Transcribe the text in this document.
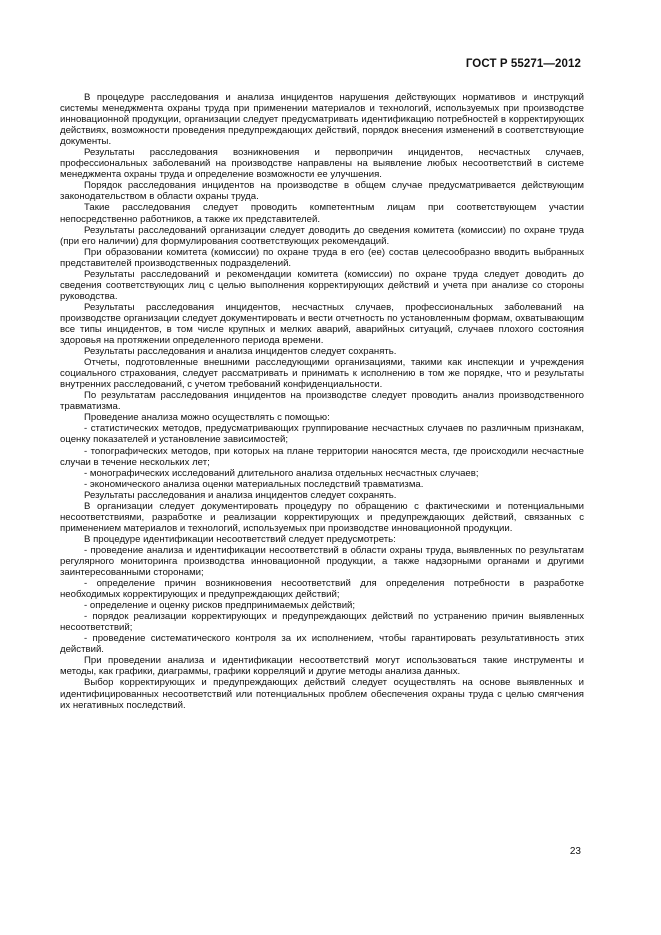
ГОСТ Р 55271—2012

В процедуре расследования и анализа инцидентов нарушения действующих нормативов и инструкций системы менеджмента охраны труда при применении материалов и технологий, используемых при производстве инновационной продукции, организации следует предусматривать идентификацию потребностей в корректирующих действиях, возможности проведения предупреждающих действий, порядок внесения изменений в соответствующие документы.

Результаты расследования возникновения и первопричин инцидентов, несчастных случаев, профессиональных заболеваний на производстве направлены на выявление любых несоответствий в системе менеджмента охраны труда и определение возможности ее улучшения.

Порядок расследования инцидентов на производстве в общем случае предусматривается действующим законодательством в области охраны труда.

Такие расследования следует проводить компетентным лицам при соответствующем участии непосредственно работников, а также их представителей.

Результаты расследований организации следует доводить до сведения комитета (комиссии) по охране труда (при его наличии) для формулирования соответствующих рекомендаций.

При образовании комитета (комиссии) по охране труда в его (ее) состав целесообразно вводить выбранных представителей производственных подразделений.

Результаты расследований и рекомендации комитета (комиссии) по охране труда следует доводить до сведения соответствующих лиц с целью выполнения корректирующих действий и учета при анализе со стороны руководства.

Результаты расследования инцидентов, несчастных случаев, профессиональных заболеваний на производстве организации следует документировать и вести отчетность по установленным формам, охватывающим все типы инцидентов, в том числе крупных и мелких аварий, аварийных ситуаций, случаев плохого состояния здоровья на протяжении определенного периода времени.

Результаты расследования и анализа инцидентов следует сохранять.

Отчеты, подготовленные внешними расследующими организациями, такими как инспекции и учреждения социального страхования, следует рассматривать и принимать к исполнению в том же порядке, что и результаты внутренних расследований, с учетом требований конфиденциальности.

По результатам расследования инцидентов на производстве следует проводить анализ производственного травматизма.

Проведение анализа можно осуществлять с помощью:

- статистических методов, предусматривающих группирование несчастных случаев по различным признакам, оценку показателей и установление зависимостей;

- топографических методов, при которых на плане территории наносятся места, где происходили несчастные случаи в течение нескольких лет;

- монографических исследований длительного анализа отдельных несчастных случаев;

- экономического анализа оценки материальных последствий травматизма.

Результаты расследования и анализа инцидентов следует сохранять.

В организации следует документировать процедуру по обращению с фактическими и потенциальными несоответствиями, разработке и реализации корректирующих и предупреждающих действий, связанных с применением материалов и технологий, используемых при производстве инновационной продукции.

В процедуре идентификации несоответствий следует предусмотреть:

- проведение анализа и идентификации несоответствий в области охраны труда, выявленных по результатам регулярного мониторинга производства инновационной продукции, а также надзорными органами и другими заинтересованными сторонами;

- определение причин возникновения несоответствий для определения потребности в разработке необходимых корректирующих и предупреждающих действий;

- определение и оценку рисков предпринимаемых действий;

- порядок реализации корректирующих и предупреждающих действий по устранению причин выявленных несоответствий;

- проведение систематического контроля за их исполнением, чтобы гарантировать результативность этих действий.

При проведении анализа и идентификации несоответствий могут использоваться такие инструменты и методы, как графики, диаграммы, графики корреляций и другие методы анализа данных.

Выбор корректирующих и предупреждающих действий следует осуществлять на основе выявленных и идентифицированных несоответствий или потенциальных проблем обеспечения охраны труда с целью смягчения их негативных последствий.

23
